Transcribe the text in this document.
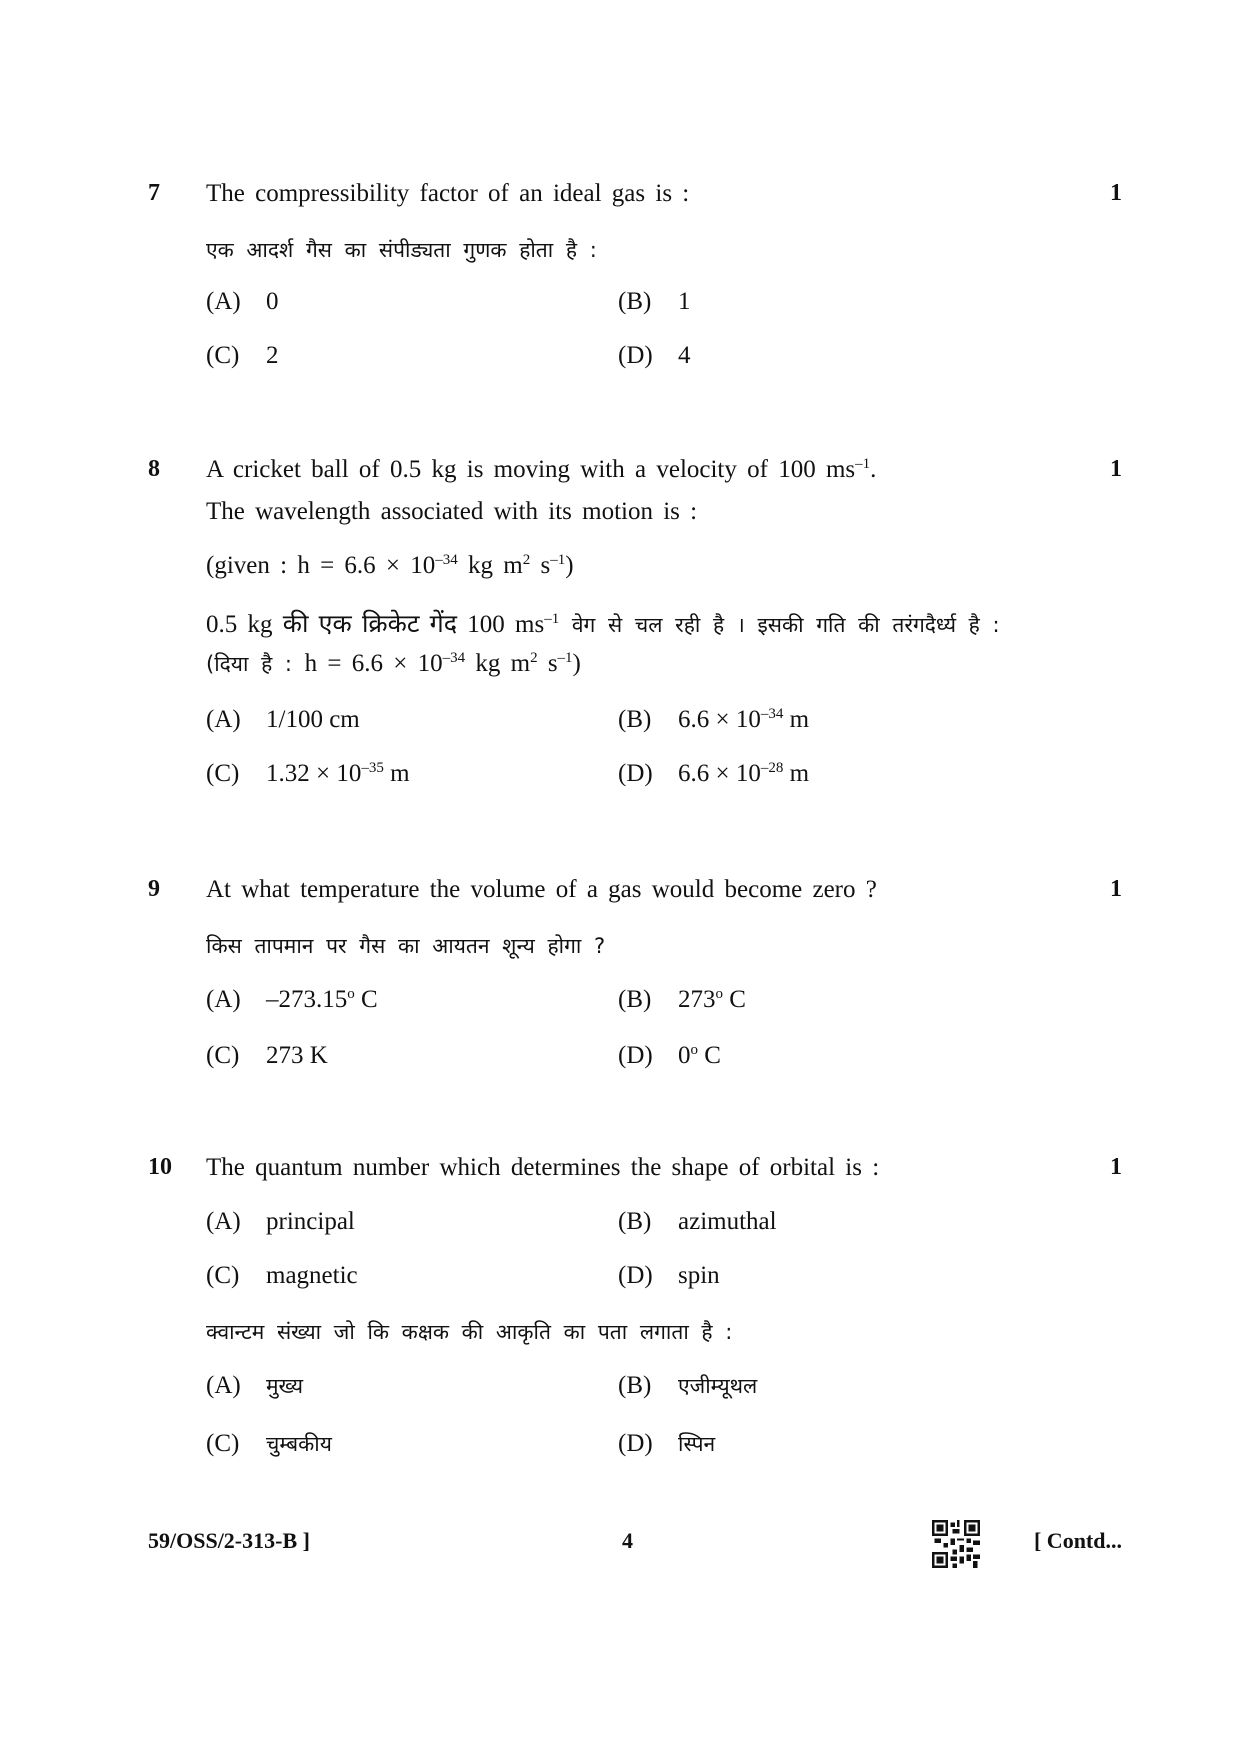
7	1
The compressibility factor of an ideal gas is :
एक आदर्श गैस का संपीड्यता गुणक होता है :
(A) 0	(B) 1
(C) 2	(D) 4
8	1
A cricket ball of 0.5 kg is moving with a velocity of 100 $ms^{-1}$.
The wavelength associated with its motion is :
(given : $h = 6.6 \times 10^{-34}$ kg $m^2$ $s^{-1}$)
0.5 kg की एक क्रिकेट गेंद 100 $ms^{-1}$ वेग से चल रही है । इसकी गति की तरंगदैर्ध्य है :
(दिया है : $h = 6.6 \times 10^{-34}$ kg $m^2$ $s^{-1}$)
(A) 1/100 cm	(B) $6.6 \times 10^{-34}$ m
(C) $1.32 \times 10^{-35}$ m	(D) $6.6 \times 10^{-28}$ m
9	1
At what temperature the volume of a gas would become zero ?
किस तापमान पर गैस का आयतन शून्य होगा ?
(A) –273.15$^o$ C	(B) 273$^o$ C
(C) 273 K	(D) 0$^o$ C
10	1
The quantum number which determines the shape of orbital is :
(A) principal	(B) azimuthal
(C) magnetic	(D) spin
क्वान्टम संख्या जो कि कक्षक की आकृति का पता लगाता है :
(A) मुख्य	(B) एजीम्यूथल
(C) चुम्बकीय	(D) स्पिन
59/OSS/2-313-B ]	4	[ Contd...
